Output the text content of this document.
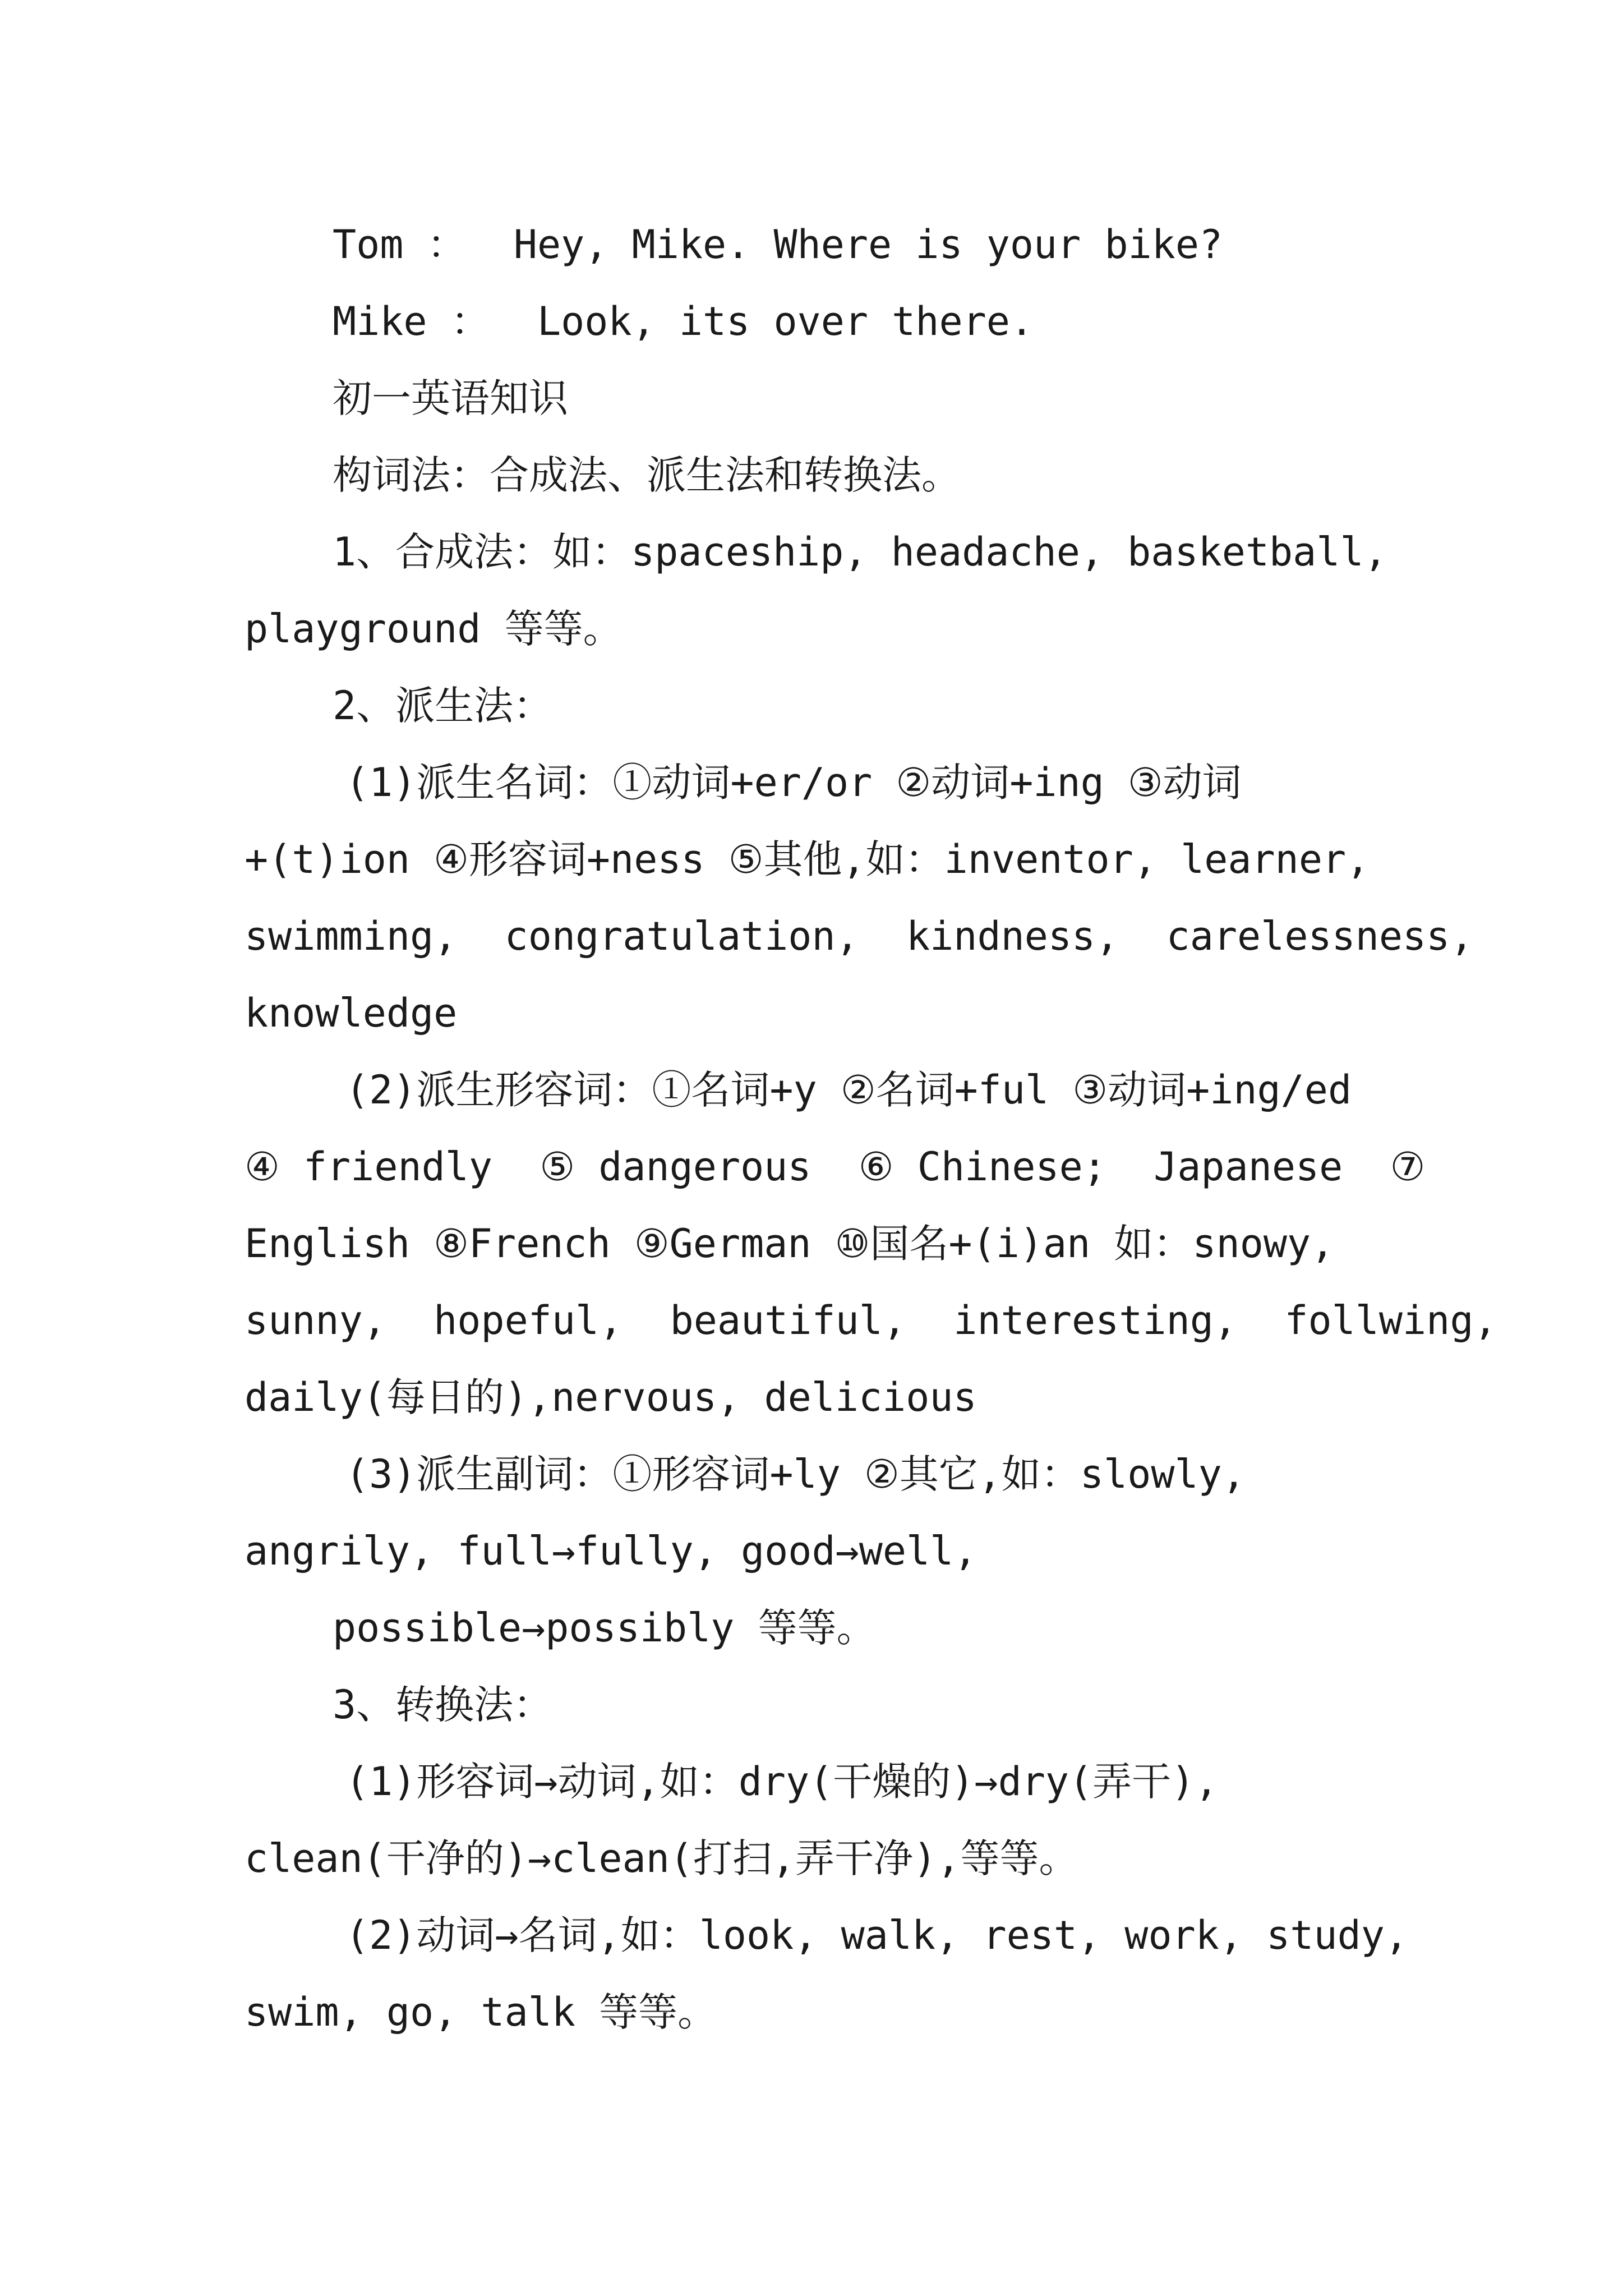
Tom ：  Hey, Mike. Where is your bike?
Mike ：  Look, its over there.
初一英语知识
构词法：合成法、派生法和转换法。
1、合成法：如：spaceship, headache, basketball,
playground 等等。
2、派生法：
(1)派生名词：①动词+er/or ②动词+ing ③动词
+(t)ion ④形容词+ness ⑤其他,如：inventor, learner,
swimming,  congratulation,  kindness,  carelessness,
knowledge
(2)派生形容词：①名词+y ②名词+ful ③动词+ing/ed
④ friendly  ⑤ dangerous  ⑥ Chinese;  Japanese  ⑦
English ⑧French ⑨German ⑩国名+(i)an 如：snowy,
sunny,  hopeful,  beautiful,  interesting,  follwing,
daily(每日的),nervous, delicious
(3)派生副词：①形容词+ly ②其它,如：slowly,
angrily, full→fully, good→well,
possible→possibly 等等。
3、转换法：
(1)形容词→动词,如：dry(干燥的)→dry(弄干),
clean(干净的)→clean(打扫,弄干净),等等。
(2)动词→名词,如：look, walk, rest, work, study,
swim, go, talk 等等。
